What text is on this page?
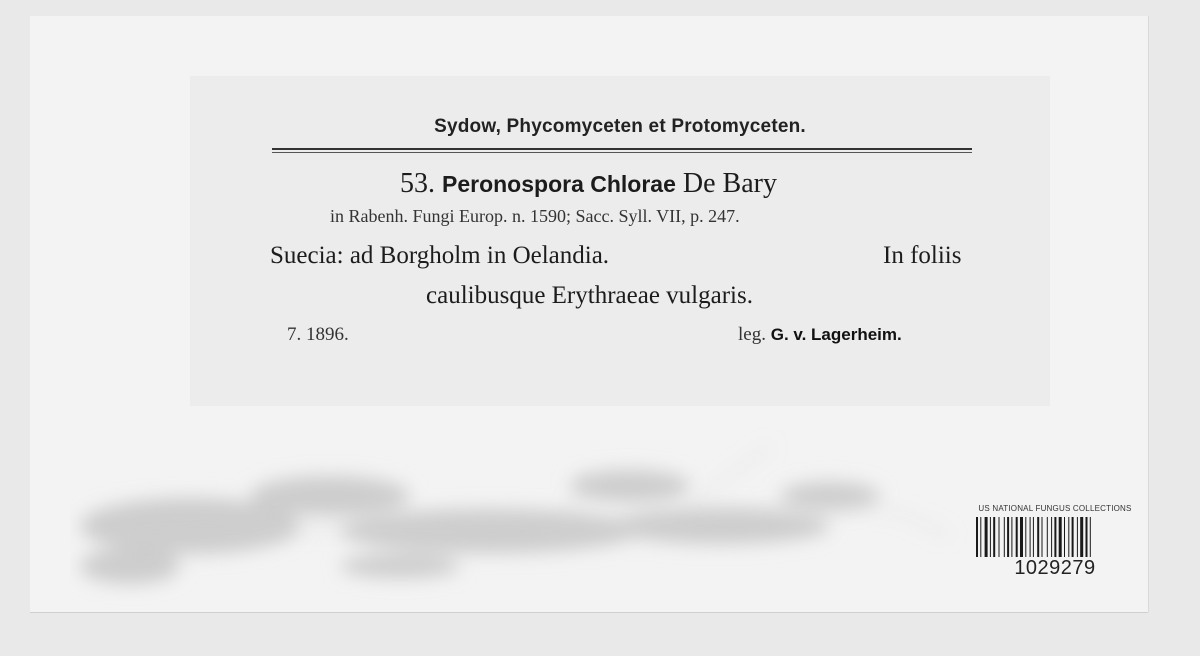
Sydow, Phycomyceten et Protomyceten.
53. Peronospora Chlorae De Bary
in Rabenh. Fungi Europ. n. 1590; Sacc. Syll. VII, p. 247.
Suecia: ad Borgholm in Oelandia.	In foliis
caulibusque Erythraeae vulgaris.
7. 1896.	leg. G. v. Lagerheim.
US NATIONAL FUNGUS COLLECTIONS
1029279
